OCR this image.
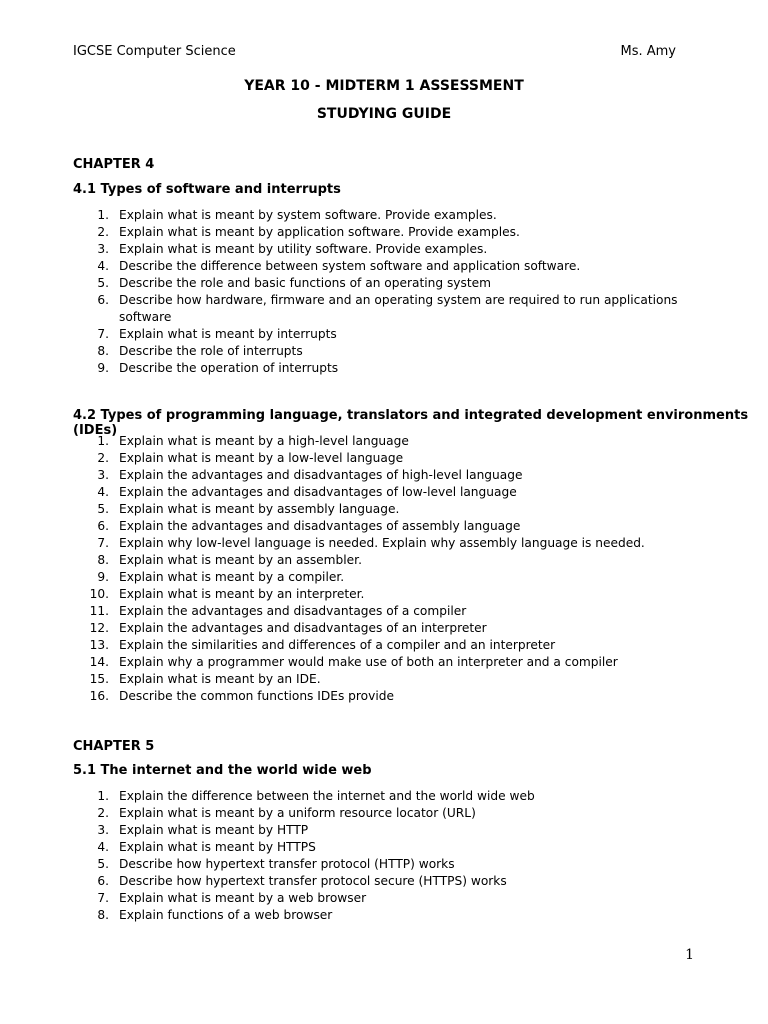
IGCSE Computer Science	Ms. Amy
YEAR 10 - MIDTERM 1 ASSESSMENT
STUDYING GUIDE
CHAPTER 4
4.1 Types of software and interrupts
1. Explain what is meant by system software. Provide examples.
2. Explain what is meant by application software. Provide examples.
3. Explain what is meant by utility software. Provide examples.
4. Describe the difference between system software and application software.
5. Describe the role and basic functions of an operating system
6. Describe how hardware, firmware and an operating system are required to run applications software
7. Explain what is meant by interrupts
8. Describe the role of interrupts
9. Describe the operation of interrupts
4.2 Types of programming language, translators and integrated development environments (IDEs)
1. Explain what is meant by a high-level language
2. Explain what is meant by a low-level language
3. Explain the advantages and disadvantages of high-level language
4. Explain the advantages and disadvantages of low-level language
5. Explain what is meant by assembly language.
6. Explain the advantages and disadvantages of assembly language
7. Explain why low-level language is needed. Explain why assembly language is needed.
8. Explain what is meant by an assembler.
9. Explain what is meant by a compiler.
10. Explain what is meant by an interpreter.
11. Explain the advantages and disadvantages of a compiler
12. Explain the advantages and disadvantages of an interpreter
13. Explain the similarities and differences of a compiler and an interpreter
14. Explain why a programmer would make use of both an interpreter and a compiler
15. Explain what is meant by an IDE.
16. Describe the common functions IDEs provide
CHAPTER 5
5.1 The internet and the world wide web
1. Explain the difference between the internet and the world wide web
2. Explain what is meant by a uniform resource locator (URL)
3. Explain what is meant by HTTP
4. Explain what is meant by HTTPS
5. Describe how hypertext transfer protocol (HTTP) works
6. Describe how hypertext transfer protocol secure (HTTPS) works
7. Explain what is meant by a web browser
8. Explain functions of a web browser
1
